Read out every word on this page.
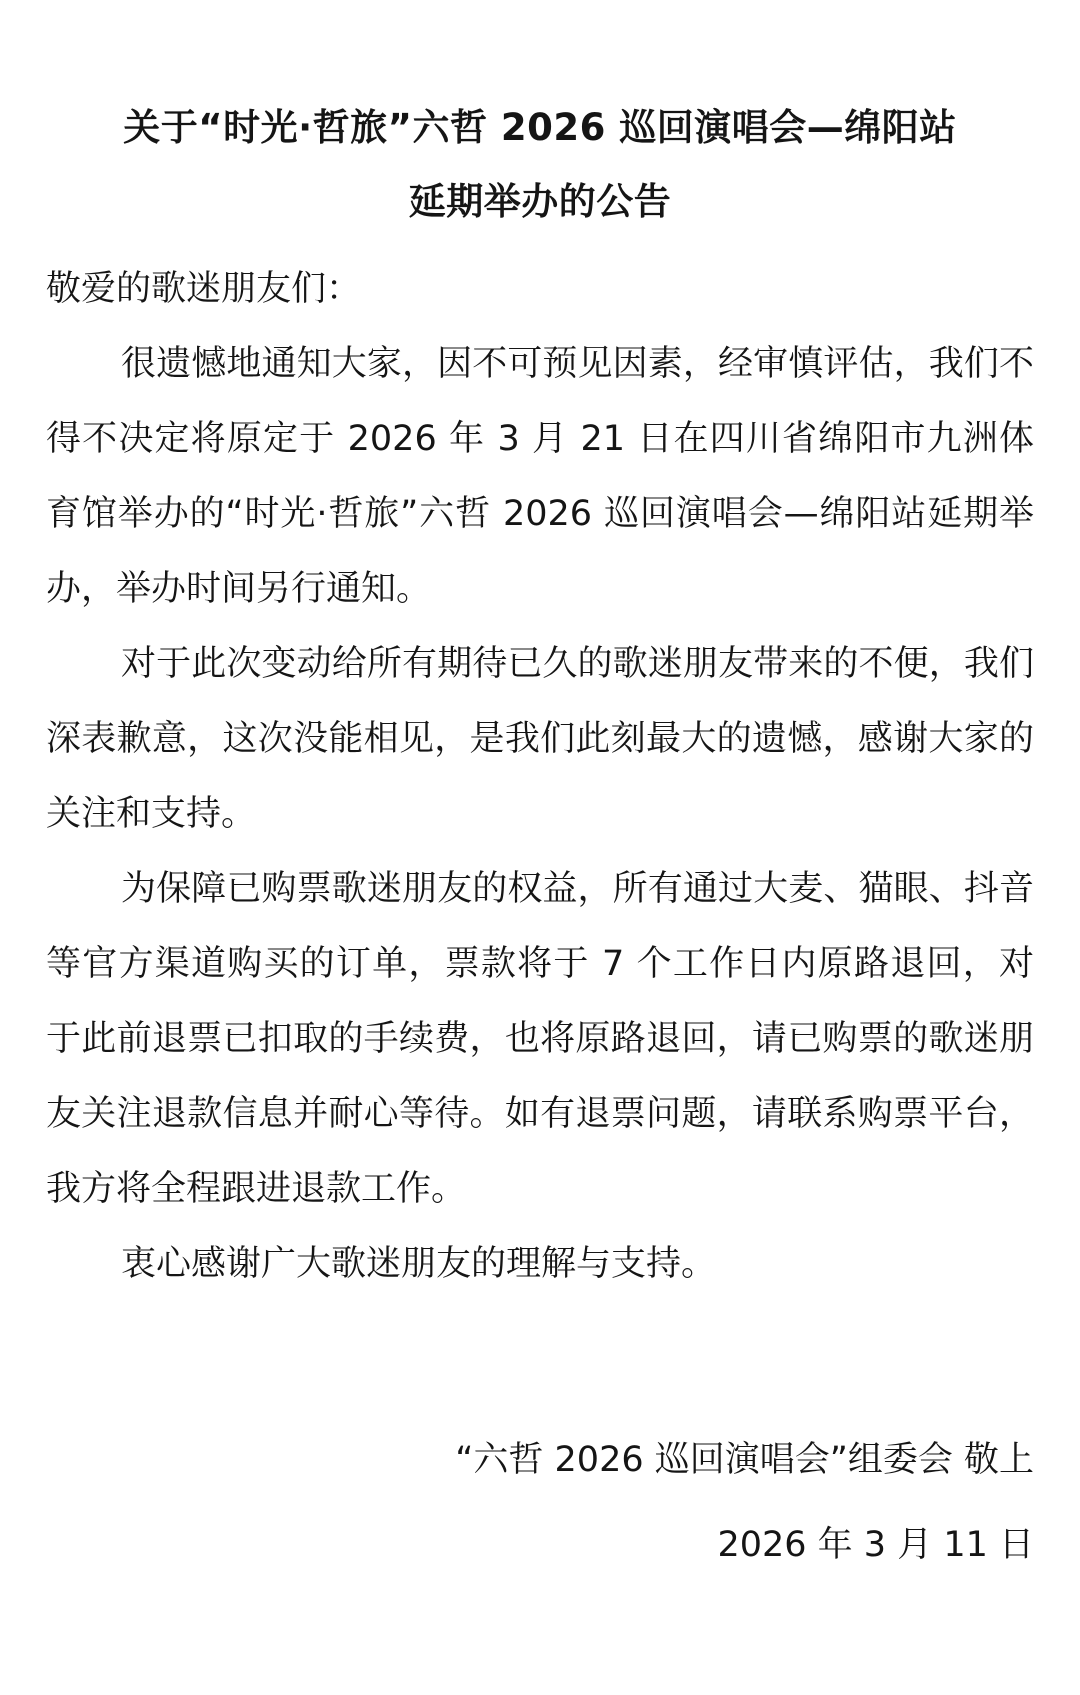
关于“时光·哲旅”六哲 2026 巡回演唱会—绵阳站
延期举办的公告

敬爱的歌迷朋友们：

很遗憾地通知大家，因不可预见因素，经审慎评估，我们不得不决定将原定于 2026 年 3 月 21 日在四川省绵阳市九洲体育馆举办的“时光·哲旅”六哲 2026 巡回演唱会—绵阳站延期举办，举办时间另行通知。

对于此次变动给所有期待已久的歌迷朋友带来的不便，我们深表歉意，这次没能相见，是我们此刻最大的遗憾，感谢大家的关注和支持。

为保障已购票歌迷朋友的权益，所有通过大麦、猫眼、抖音等官方渠道购买的订单，票款将于 7 个工作日内原路退回，对于此前退票已扣取的手续费，也将原路退回，请已购票的歌迷朋友关注退款信息并耐心等待。如有退票问题，请联系购票平台，我方将全程跟进退款工作。

衷心感谢广大歌迷朋友的理解与支持。

“六哲 2026 巡回演唱会”组委会 敬上
2026 年 3 月 11 日
